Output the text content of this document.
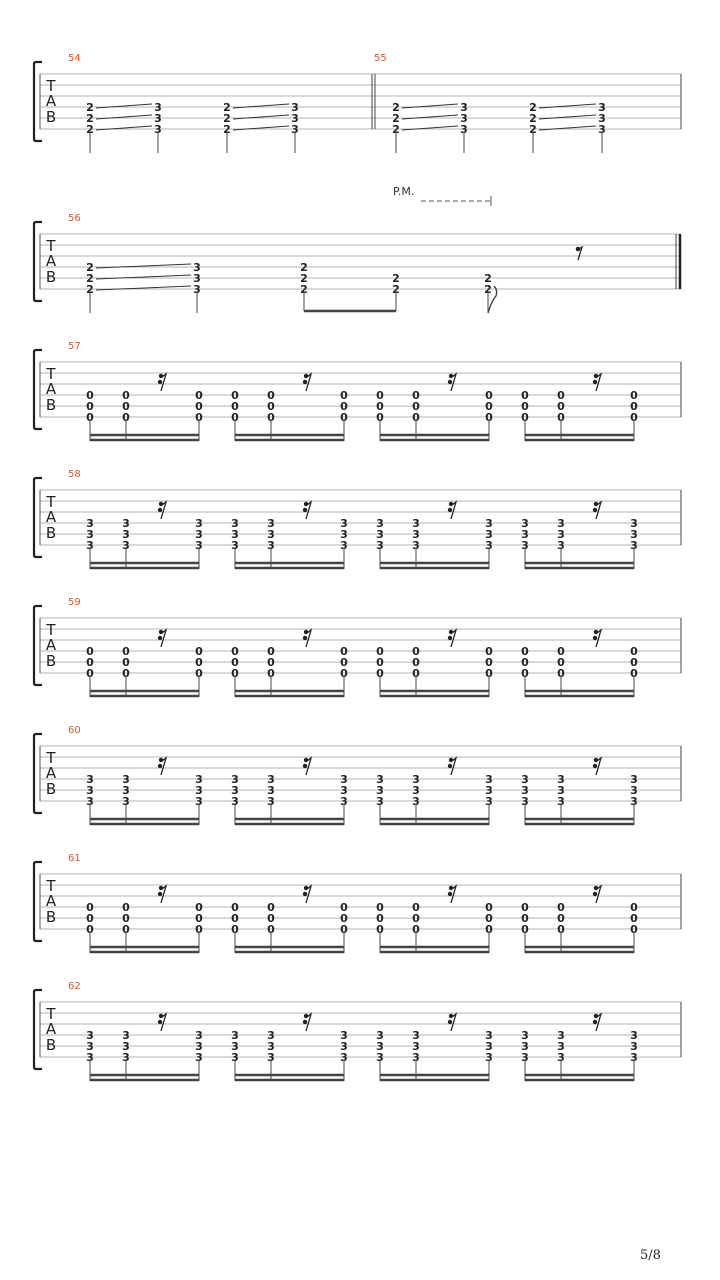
T
A
B
54
2
2
2
3
3
3
2
2
2
3
3
3
55
2
2
2
3
3
3
2
2
2
3
3
3
T
A
B
56
2
2
2
3
3
3
2
2
2
2
2
2
2
P.M.
T
A
B
57
0
0
0
0
0
0
0
0
0
0
0
0
0
0
0
0
0
0
0
0
0
0
0
0
0
0
0
0
0
0
0
0
0
0
0
0
T
A
B
58
3
3
3
3
3
3
3
3
3
3
3
3
3
3
3
3
3
3
3
3
3
3
3
3
3
3
3
3
3
3
3
3
3
3
3
3
T
A
B
59
0
0
0
0
0
0
0
0
0
0
0
0
0
0
0
0
0
0
0
0
0
0
0
0
0
0
0
0
0
0
0
0
0
0
0
0
T
A
B
60
3
3
3
3
3
3
3
3
3
3
3
3
3
3
3
3
3
3
3
3
3
3
3
3
3
3
3
3
3
3
3
3
3
3
3
3
T
A
B
61
0
0
0
0
0
0
0
0
0
0
0
0
0
0
0
0
0
0
0
0
0
0
0
0
0
0
0
0
0
0
0
0
0
0
0
0
T
A
B
62
3
3
3
3
3
3
3
3
3
3
3
3
3
3
3
3
3
3
3
3
3
3
3
3
3
3
3
3
3
3
3
3
3
3
3
3
5/8
